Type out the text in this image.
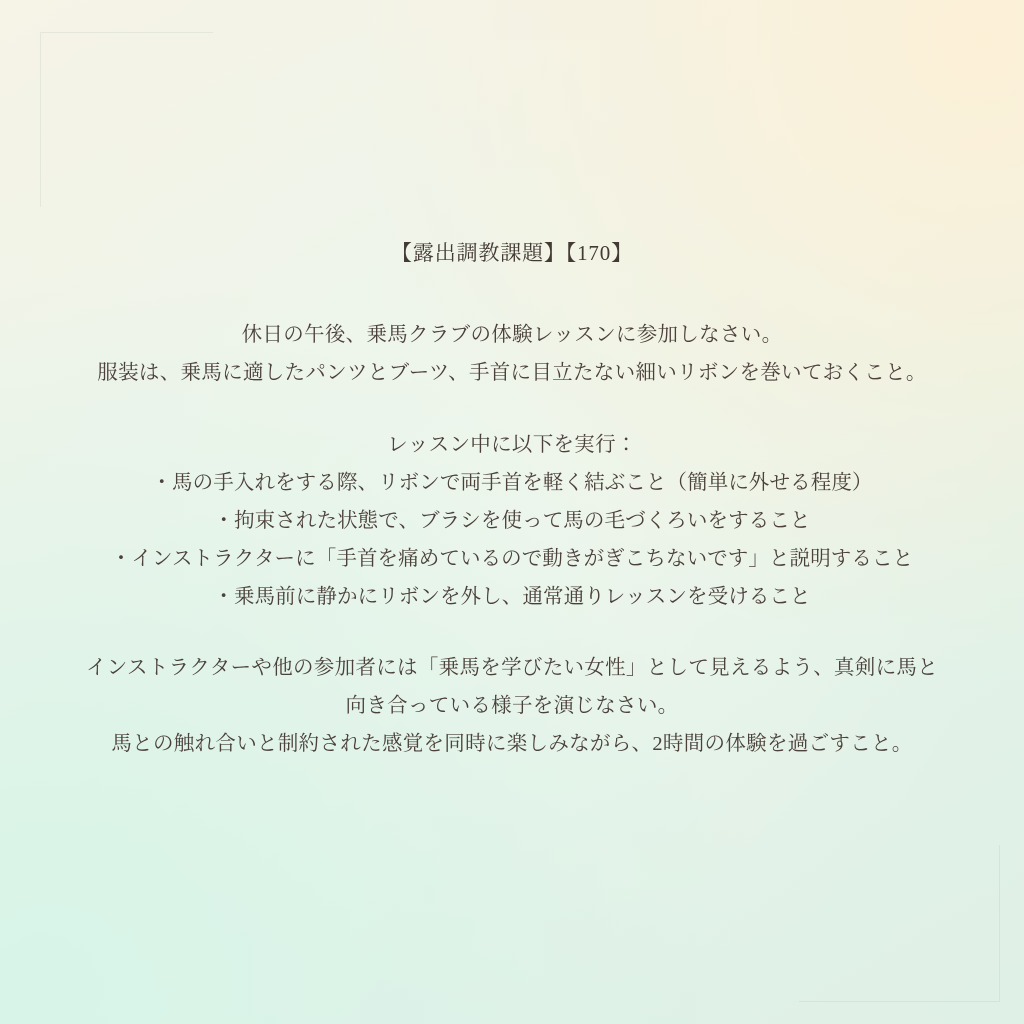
【露出調教課題】【170】
休日の午後、乗馬クラブの体験レッスンに参加しなさい。
服装は、乗馬に適したパンツとブーツ、手首に目立たない細いリボンを巻いておくこと。
レッスン中に以下を実行：
・馬の手入れをする際、リボンで両手首を軽く結ぶこと（簡単に外せる程度）
・拘束された状態で、ブラシを使って馬の毛づくろいをすること
・インストラクターに「手首を痛めているので動きがぎこちないです」と説明すること
・乗馬前に静かにリボンを外し、通常通りレッスンを受けること
インストラクターや他の参加者には「乗馬を学びたい女性」として見えるよう、真剣に馬と
向き合っている様子を演じなさい。
馬との触れ合いと制約された感覚を同時に楽しみながら、2時間の体験を過ごすこと。
